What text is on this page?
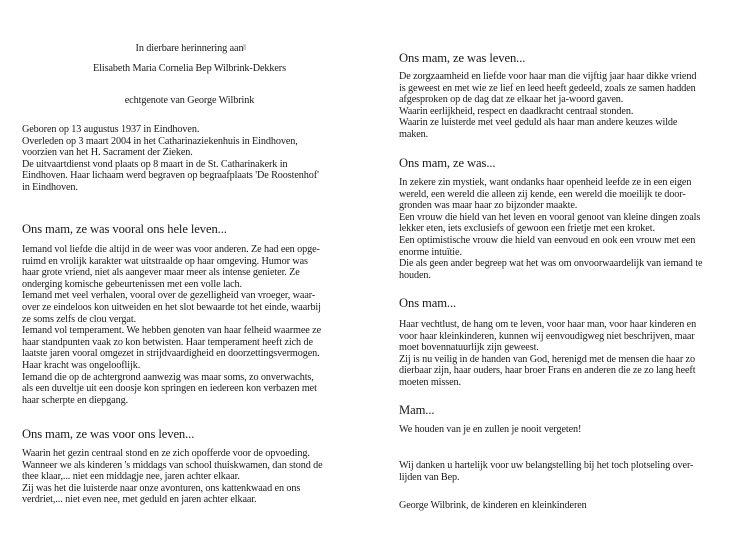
In dierbare herinnering aan

Elisabeth Maria Cornelia Bep Wilbrink-Dekkers

echtgenote van George Wilbrink

Geboren op 13 augustus 1937 in Eindhoven.

Overleden op 3 maart 2004 in het Catharinaziekenhuis in Eindhoven,

voorzien van het H. Sacrament der Zieken.

De uitvaartdienst vond plaats op 8 maart in de St. Catharinakerk in

Eindhoven. Haar lichaam werd begraven op begraafplaats 'De Roostenhof'

in Eindhoven.

Ons mam, ze was vooral ons hele leven...

Iemand vol liefde die altijd in de weer was voor anderen. Ze had een opge-

ruimd en vrolijk karakter wat uitstraalde op haar omgeving. Humor was

haar grote vriend, niet als aangever maar meer als intense genieter. Ze

onderging komische gebeurtenissen met een volle lach.

Iemand met veel verhalen, vooral over de gezelligheid van vroeger, waar-

over ze eindeloos kon uitweiden en het slot bewaarde tot het einde, waarbij

ze soms zelfs de clou vergat.

Iemand vol temperament. We hebben genoten van haar felheid waarmee ze

haar standpunten vaak zo kon betwisten. Haar temperament heeft zich de

laatste jaren vooral omgezet in strijdvaardigheid en doorzettingsvermogen.

Haar kracht was ongelooflijk.

Iemand die op de achtergrond aanwezig was maar soms, zo onverwachts,

als een duveltje uit een doosje kon springen en iedereen kon verbazen met

haar scherpte en diepgang.

Ons mam, ze was voor ons leven...

Waarin het gezin centraal stond en ze zich opofferde voor de opvoeding.

Wanneer we als kinderen 's middags van school thuiskwamen, dan stond de

thee klaar,... niet een middagje nee, jaren achter elkaar.

Zij was het die luisterde naar onze avonturen, ons kattenkwaad en ons

verdriet,... niet even nee, met geduld en jaren achter elkaar.

Ons mam, ze was leven...

De zorgzaamheid en liefde voor haar man die vijftig jaar haar dikke vriend

is geweest en met wie ze lief en leed heeft gedeeld, zoals ze samen hadden

afgesproken op de dag dat ze elkaar het ja-woord gaven.

Waarin eerlijkheid, respect en daadkracht centraal stonden.

Waarin ze luisterde met veel geduld als haar man andere keuzes wilde

maken.

Ons mam, ze was...

In zekere zin mystiek, want ondanks haar openheid leefde ze in een eigen

wereld, een wereld die alleen zij kende, een wereld die moeilijk te door-

gronden was maar haar zo bijzonder maakte.

Een vrouw die hield van het leven en vooral genoot van kleine dingen zoals

lekker eten, iets exclusiefs of gewoon een frietje met een kroket.

Een optimistische vrouw die hield van eenvoud en ook een vrouw met een

enorme intuïtie.

Die als geen ander begreep wat het was om onvoorwaardelijk van iemand te

houden.

Ons mam...

Haar vechtlust, de hang om te leven, voor haar man, voor haar kinderen en

voor haar kleinkinderen, kunnen wij eenvoudigweg niet beschrijven, maar

moet bovennatuurlijk zijn geweest.

Zij is nu veilig in de handen van God, herenigd met de mensen die haar zo

dierbaar zijn, haar ouders, haar broer Frans en anderen die ze zo lang heeft

moeten missen.

Mam...

We houden van je en zullen je nooit vergeten!

Wij danken u hartelijk voor uw belangstelling bij het toch plotseling over-

lijden van Bep.

George Wilbrink, de kinderen en kleinkinderen
